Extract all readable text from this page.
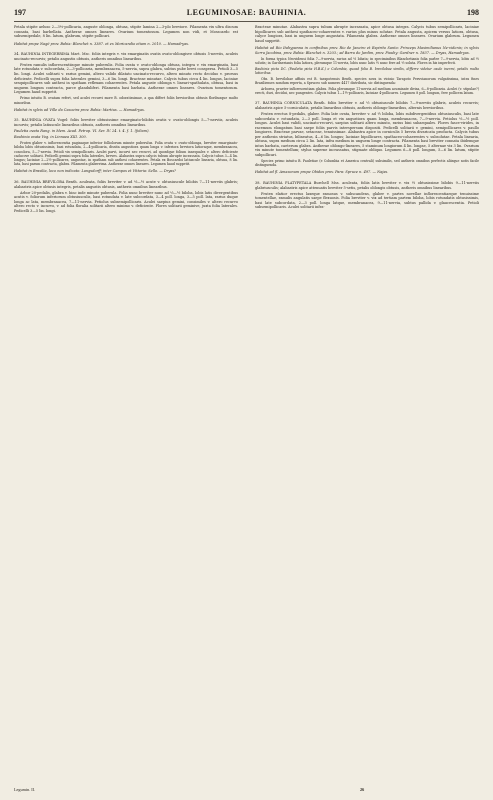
197	LEGUMINOSAE: BAUHINIA.	198

Petala stipite aeluso 2—3⅔-pollicaria, anguste oblonga, obtusa, stipite lamina 2—3-plo breviore. Filamenta vix ultra discum connata, basi barbellata. Antherae omnes lineares. Ovarium tomentosum. Legumen non vidi, et Mosscardo est subsemipedale, 8 lin. latum, glabrum, stipite pollicari.

Habitat prope Nagé prov. Bahia: Blanchet n. 3387. et ex Moricandio etiam n. 2010. — Hamadryas.

34. BAUHINIA INTEGERRIMA Mart. Msc. foliis integris v. vix emarginatis ovatis ovato-oblongisve obtusis 5-nerviis, aculeis uncinato-recurvis; petalis angustis obtusis, antheris omnibus linearibus.

Frutex ramulis inflorescentiisque minute puberulis. Folia ovata v. ovato-oblonga obtusa, integra v. vix emarginata, basi late rotundata v. subcordata, 2—3-pollicaria, membranacea, 5-nervia, supra glabra, subtus pube brevi conspersa. Petioli 3—5 lin. longi. Aculei solitarii v. rarius gemini, altero valido dilatato uncinato-recurvo, altero minuto recto deciduo v. prorsus deficiente. Pedicelli supra folia laterales gemini, 3—6 lin. longi. Bracteae minutae. Calycis tubus circa 4 lin. longus, laciniae sesquipollicares sub anthesi in spatham reflexam cohaerentes. Petala anguste oblonga v. lineari-spathulata, obtusa, basi in unguem longum contracta, parce glanduliferi. Filamenta basi barbata. Antherae omnes lineares. Ovarium tomentosum. Legumen haud suppetit.

Primo intuitu B. ovatam refert, sed aculei recurvi more B. odoratissimae, a qua differt foliis brevioribus obtusis floribusque multo minoribus.

Habitat in sylvis ad Ville da Cazoeira prov. Bahia: Martius. — Hamadryas.

35. BAUHINIA OVATA Vogel: foliis breviter obtusissime emarginato-bilobis ovatis v. ovato-oblongis 5—7-nerviis, aculeis incurvis; petalis latiuscule linearibus obtusis, antheris omnibus linearibus.

Pauletia ovata Rang. in Mem. Acad. Petrop. VI. Ser. IV. 24. t. 4. f. 1. (foliam).

Bauhinia ovata Vog. in Linnaea XIII. 300.

Frutex glaber v. inflorescentia paginaque inferior folliolorum minute puberulus. Folia ovata v. ovato-oblonga, breviter emarginato-biloba lobis obtusissimis, basi rotundata, 2—4-pollicaria, dissita angustiora quam longa v. inferiora breviora latioraque, membranacea, concolora, 5—7-nervia. Petioli vix semipollicaris. Aculei parvi, incurvi nec recurvi, ad quosdque folium innequales v. altero deficiente caducove solitarii. Pedicelli gemini supra folia laterales, breves. Alabastra supra calycis tubum abrupte incrassata. Calycis tubus 3—4 lin. longus; laciniae 2—2½-pollicares, ungustae, in spatham sub anthesi cohaerentes. Petala ex Boscardoi latiuscule linearia, obtusa, 8 lin. lata, basi parum contracta, glabra. Filamenta glaberrima. Antherae omnes lineares. Legumen haud suppetit.

Habitat in Brasilia, loco non indicato: Langsdorff; inter Campos et Vittoria: Sello. — Dryas?

36. BAUHINIA BREVILOBA Benth. aculeata, foliis breviter v. ad ⅓—½ acute v. obtusiuscule bilobis 7—11-nerviis glabris; alabastris apice obtusis integris, petalis angustis obtusis, antheris omnibus linearibus.

Arbor 20-pedalis, glabra v. hinc inde minute puberula. Folia nunc breviter nunc ad ⅓—½ biloba, lobis latis divergentibus acutis v. foliorum inferiorum obtusiusculis, basi rotundata v. late subcordata, 3—4 poll. longa, 3—5 poll. lata, rarius duque longa ac lata, membranacea, 7—11-nervia. Petiolus subsemipollicaris. Aculei saepius gemini, consimiles v. altero recurvo altero recto v. incurvo, v. ad folia floralia solitarii altero minimo v. deficiente. Flores solitarii geminive, juxta folia laterales. Pedicelli 3—5 lin. longi.

Bracteae minutae. Alabastra supra tubum abrupte incrassata, apice obtusa integra. Calycis tubus semipollicaris, laciniae bipollicares sub anthesi spathaceo-cohaerentes v. rarius plus minus solutae. Petala angusta, apicem versus latiora, obtusa, calyce longiora, basi in unguem longe angustata. Filamenta glabra. Antherae omnes lineares. Ovarium glabrum. Legumen haud suppetit.

Habitat ad Rio Itahypanna in confinibus prov. Rio de Janeiro et Espirito Santo: Princeps Maximilianus Ne-videnis; in sylvis Serra Jacobina, prov. Bahia: Blanchet n. 3203.; ad Barra do Jardim, prov. Piauhy: Gardner n. 1837. — Dryas, Hamadryas.

In forma typica Neovidensi folia 7—9-nervia, rarius ad ⅓ lobata; in speciminibus Blanchetianis folia parlee 7—9-nervia, lobis ad ⅓ solutis; in Gardnerianis folia latiora, plerumque 11-nervia, lobis nunc latis ⅓ nunc fere ad ⅓ soluta. Flores in his imperfecti.

Bauhinia picta DC. (Pauletia picta H.B.K.) e Columbia, quoad folia B. brevilobae similis, differre videtur caule inermi, petalis multo latioribus.

Obs. B. brevilobae affinis est B. tarapotensis Benth. species nova in vicinio Tarapoto Peruvianorum vulgatissima, intra fines Brasilienses nondum reperta, a Spruceo sub numero 4417 distributa, sic distinguenda:

Arborea, praeter inflorescentiam glabra. Folia plerumque 11-nervia ad medium acuminate divisa, 6—8-pollicaria. Aculei (v. stipulae?) erecti, duri, decidui, nec pungentes. Calycis tubus 1—1½-pollicaris, laciniae 4-pollicares. Legumen 8 poll. longum, fere pollicem latum.

37. BAUHINIA CORNICULATA Benth. foliis breviter v. ad ⅓ obtusiuscule bilobis 7—9-nerviis glabris, aculeis recurvis; alabastris apice 5-corniculatis, petalis linearibus obtusis, antheris oblongo-linearibus, alternis brevioribus.

Frutex erectus 8-pedalis, glaber. Folia late ovata, breviter v. ad ⅓ biloba, lobis subdivergentibus obtusiusculis, basi late subcordata v. rotundata, 2—3 poll. longa et vix angustiora quam longa, membranacea, 7—9-nervia. Petiolus ⅓—½ poll. longus. Aculei basi validi, uncinato-recurvi, saepius solitarii altero minuto, rarius bini subaequales. Flores fasce-virides, in racemum elongatum basi saepe foliis parvis interspersum dispositi. Pedicelli solitarii v. gemini, semipollicares v. paullo longiores. Bracteae parvae, setaceae, tenuissimae. Alabastra apice in corniculis 5 brevia divaricata producta. Calycis tubus per anthesin striatus, bilineatus, 4—6 lin. longus; laciniae bipollicares, spathaceo-cohaerentes v. subsolutae. Petala linearia, obtusa, supra medium circa 2 lin. lata, infra medium in unguem longe contracta. Filamenta basi breviter connata ibidemque intus barbata, caeterum glabra. Antherae oblongo-lineares, 5 staminum longiorum 4 lin. longae, 5 alternae vix 3 lin. Ovarium vix minute tomentellum; stylus superne incrassatus, stigmate obliquo. Legumen 6—8 poll. longum, 5—6 lin. latum, stipite subpollicari.

Species primo intuitu B. Pauletiae (e Columbia et America centrali) subsimilis, sed antheris omnibus perfectis aliisque notis facile distinguenda.

Habitat ad fl. Amazonum prope Obidos prov. Para: Spruce n. 497. — Najas.

38. BAUHINIA PLATYPETALA Burchell Mss. aculeata, foliis latis breviter v. vix ⅓ obtusissime bilobis 9—11-nerviis glabriusculis; alabastris apice attenuatis breviter 5-setis, petalis oblongis obtusis, antheris omnibus linearibus.

Frutex elatior erectus laxeque ramosus v. subscandens, glaber v. partes novellae inflorescentiaeque tenuissime tomentellae, ramulis angulatis saepe flexuosis. Folia breviter v. vix ad tertiam partem biloba, lobis rotundatis obtusissimis, basi late subcordata, 2—3 poll. longa latque, membranacea, 9—11-nervia, subtus pallida v. glaucescentia. Petioli subsemipollicaris. Aculei solitarii infra-

Legumin. II.	26
